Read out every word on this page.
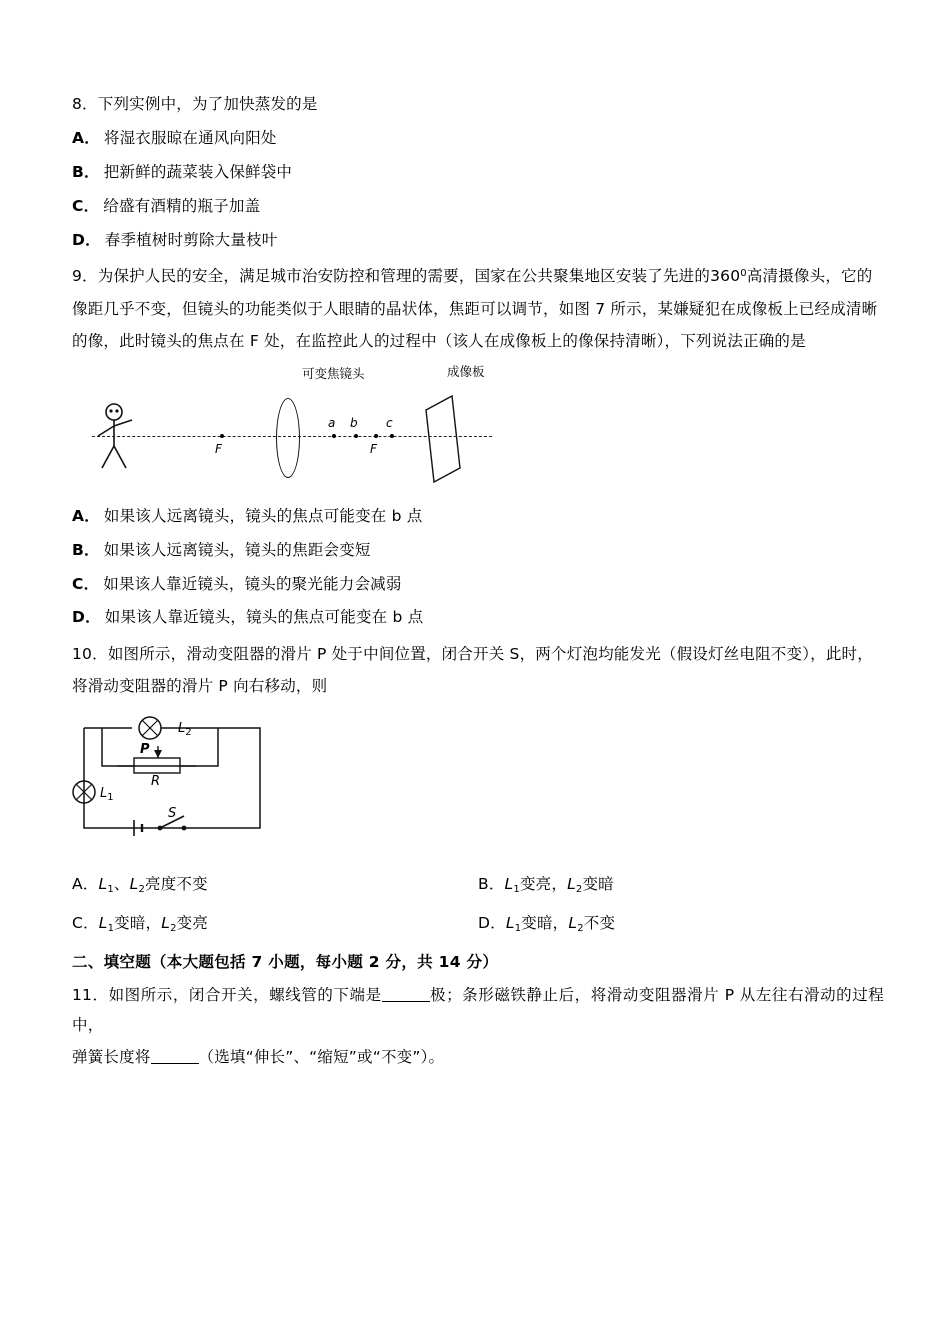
8．下列实例中，为了加快蒸发的是
A． 将湿衣服晾在通风向阳处
B． 把新鲜的蔬菜装入保鲜袋中
C． 给盛有酒精的瓶子加盖
D． 春季植树时剪除大量枝叶
9．为保护人民的安全，满足城市治安防控和管理的需要，国家在公共聚集地区安装了先进的$360^0$高清摄像头，它的
像距几乎不变，但镜头的功能类似于人眼睛的晶状体，焦距可以调节，如图 7 所示，某嫌疑犯在成像板上已经成清晰
的像，此时镜头的焦点在 F 处，在监控此人的过程中（该人在成像板上的像保持清晰），下列说法正确的是
可变焦镜头	成像板
F
a b c
F
A． 如果该人远离镜头，镜头的焦点可能变在 b 点
B． 如果该人远离镜头，镜头的焦距会变短
C． 如果该人靠近镜头，镜头的聚光能力会减弱
D． 如果该人靠近镜头，镜头的焦点可能变在 b 点
10．如图所示，滑动变阻器的滑片 P 处于中间位置，闭合开关 S，两个灯泡均能发光（假设灯丝电阻不变），此时，
将滑动变阻器的滑片 P 向右移动，则
$L_2$
$L_1$
P
R
S
A．$L_1$、$L_2$亮度不变	B．$L_1$变亮，$L_2$变暗
C．$L_1$变暗，$L_2$变亮	D．$L_1$变暗，$L_2$不变
二、填空题（本大题包括 7 小题，每小题 2 分，共 14 分）
11．如图所示，闭合开关，螺线管的下端是	极；条形磁铁静止后，将滑动变阻器滑片 P 从左往右滑动的过程中，
弹簧长度将	（选填“伸长”、“缩短”或“不变”）。
